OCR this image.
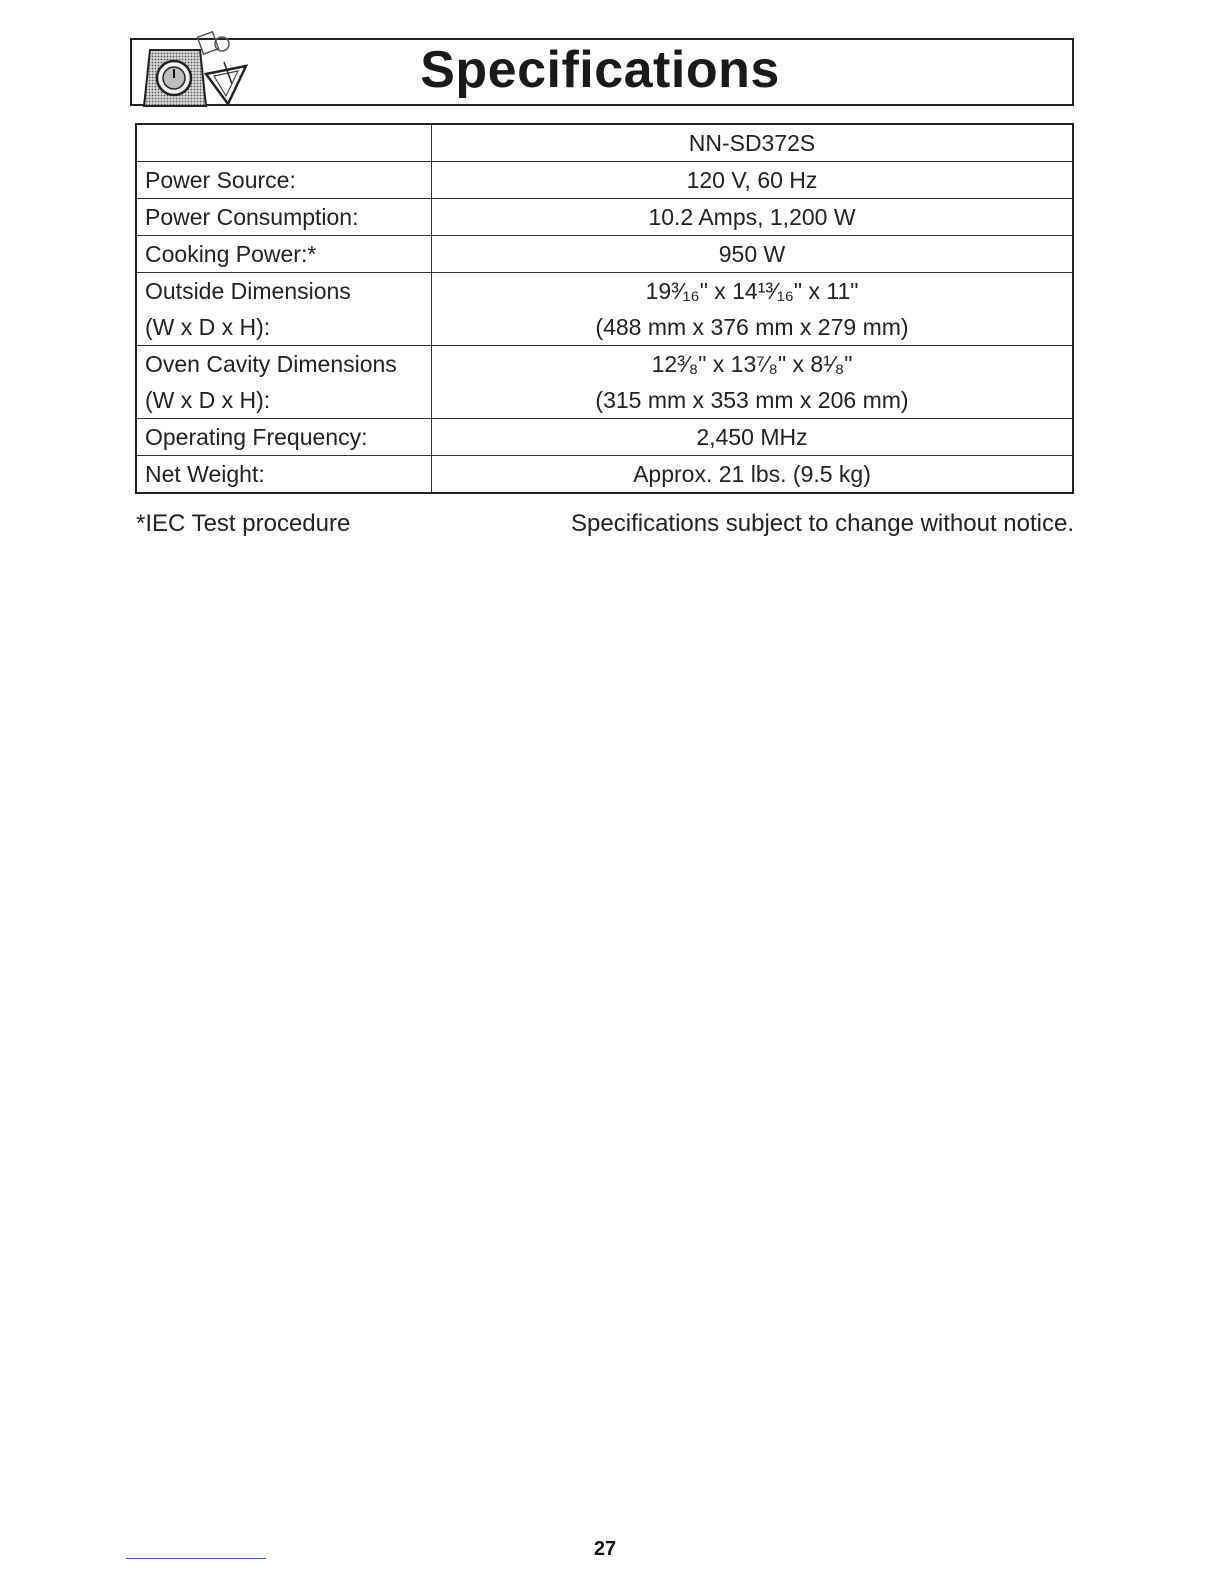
Specifications

	NN-SD372S

Power Source:	120 V, 60 Hz

Power Consumption:	10.2 Amps, 1,200 W

Cooking Power:*	950 W

Outside Dimensions
(W x D x H):	19³⁄₁₆" x 14¹³⁄₁₆" x 11"
(488 mm x 376 mm x 279 mm)

Oven Cavity Dimensions
(W x D x H):	12³⁄₈" x 13⁷⁄₈" x 8¹⁄₈"
(315 mm x 353 mm x 206 mm)

Operating Frequency:	2,450 MHz

Net Weight:	Approx. 21 lbs. (9.5 kg)
*IEC Test procedure	Specifications subject to change without notice.
27
